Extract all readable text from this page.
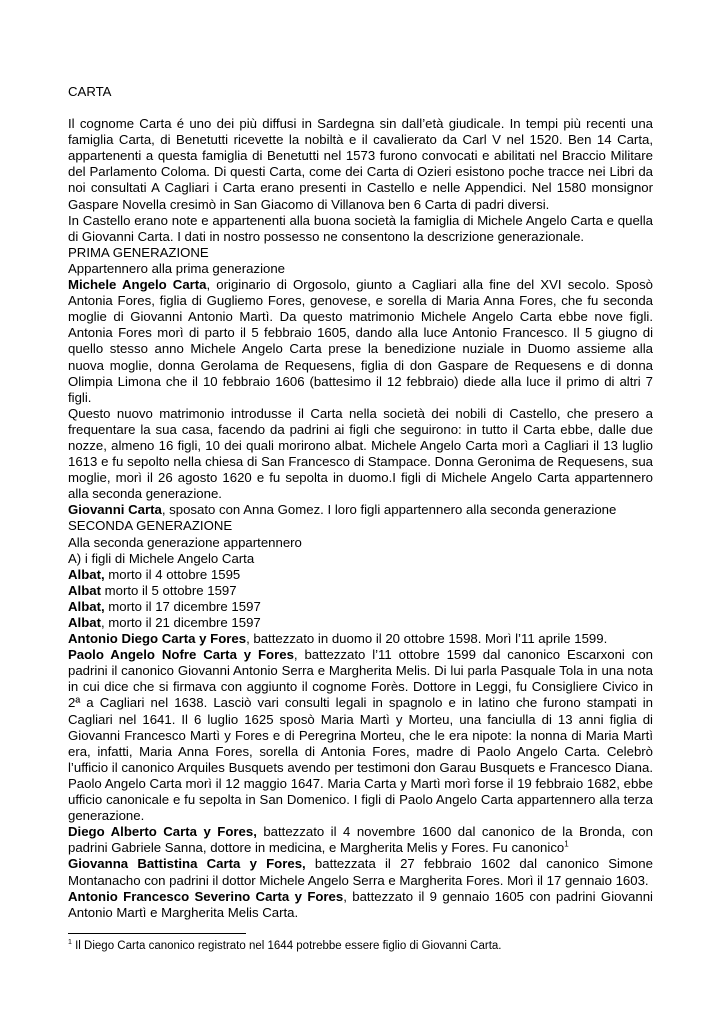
CARTA

Il cognome Carta é uno dei più diffusi in Sardegna sin dall’età giudicale. In tempi più recenti una famiglia Carta, di Benetutti ricevette la nobiltà e il cavalierato da Carl V nel 1520. Ben 14 Carta, appartenenti a questa famiglia di Benetutti nel 1573 furono convocati e abilitati nel Braccio Militare del Parlamento Coloma. Di questi Carta, come dei Carta di Ozieri esistono poche tracce nei Libri da noi consultati A Cagliari i Carta erano presenti in Castello e nelle Appendici. Nel 1580 monsignor Gaspare Novella cresimò in San Giacomo di Villanova ben 6 Carta di padri diversi.

In Castello erano note e appartenenti alla buona società la famiglia di Michele Angelo Carta e quella di Giovanni Carta. I dati in nostro possesso ne consentono la descrizione generazionale.

PRIMA GENERAZIONE

Appartennero alla prima generazione

Michele Angelo Carta, originario di Orgosolo, giunto a Cagliari alla fine del XVI secolo. Sposò Antonia Fores, figlia di Gugliemo Fores, genovese, e sorella di Maria Anna Fores, che fu seconda moglie di Giovanni Antonio Martì. Da questo matrimonio Michele Angelo Carta ebbe nove figli. Antonia Fores morì di parto il 5 febbraio 1605, dando alla luce Antonio Francesco. Il 5 giugno di quello stesso anno Michele Angelo Carta prese la benedizione nuziale in Duomo assieme alla nuova moglie, donna Gerolama de Requesens, figlia di don Gaspare de Requesens e di donna Olimpia Limona che il 10 febbraio 1606 (battesimo il 12 febbraio) diede alla luce il primo di altri 7 figli.

Questo nuovo matrimonio introdusse il Carta nella società dei nobili di Castello, che presero a frequentare la sua casa, facendo da padrini ai figli che seguirono: in tutto il Carta ebbe, dalle due nozze, almeno 16 figli, 10 dei quali morirono albat. Michele Angelo Carta morì a Cagliari il 13 luglio 1613 e fu sepolto nella chiesa di San Francesco di Stampace. Donna Geronima de Requesens, sua moglie, morì il 26 agosto 1620 e fu sepolta in duomo.I figli di Michele Angelo Carta appartennero alla seconda generazione.

Giovanni Carta, sposato con Anna Gomez. I loro figli appartennero alla seconda generazione

SECONDA GENERAZIONE

Alla seconda generazione appartennero

A) i figli di Michele Angelo Carta

Albat, morto il 4 ottobre 1595

Albat morto il 5 ottobre 1597

Albat, morto il 17 dicembre 1597

Albat, morto il 21 dicembre 1597

Antonio Diego Carta y Fores, battezzato in duomo il 20 ottobre 1598. Morì l’11 aprile 1599.

Paolo Angelo Nofre Carta y Fores, battezzato l’11 ottobre 1599 dal canonico Escarxoni con padrini il canonico Giovanni Antonio Serra e Margherita Melis. Di lui parla Pasquale Tola in una nota in cui dice che si firmava con aggiunto il cognome Forès. Dottore in Leggi, fu Consigliere Civico in 2ª a Cagliari nel 1638. Lasciò vari consulti legali in spagnolo e in latino che furono stampati in Cagliari nel 1641. Il 6 luglio 1625 sposò Maria Martì y Morteu, una fanciulla di 13 anni figlia di Giovanni Francesco Martì y Fores e di Peregrina Morteu, che le era nipote: la nonna di Maria Martì era, infatti, Maria Anna Fores, sorella di Antonia Fores, madre di Paolo Angelo Carta. Celebrò l’ufficio il canonico Arquiles Busquets avendo per testimoni don Garau Busquets e Francesco Diana. Paolo Angelo Carta morì il 12 maggio 1647. Maria Carta y Martì morì forse il 19 febbraio 1682, ebbe ufficio canonicale e fu sepolta in San Domenico. I figli di Paolo Angelo Carta appartennero alla terza generazione.

Diego Alberto Carta y Fores, battezzato il 4 novembre 1600 dal canonico de la Bronda, con padrini Gabriele Sanna, dottore in medicina, e Margherita Melis y Fores. Fu canonico$^1$

Giovanna Battistina Carta y Fores, battezzata il 27 febbraio 1602 dal canonico Simone Montanacho con padrini il dottor Michele Angelo Serra e Margherita Fores. Morì il 17 gennaio 1603.

Antonio Francesco Severino Carta y Fores, battezzato il 9 gennaio 1605 con padrini Giovanni Antonio Martì e Margherita Melis Carta.

$^1$ Il Diego Carta canonico registrato nel 1644 potrebbe essere figlio di Giovanni Carta.
